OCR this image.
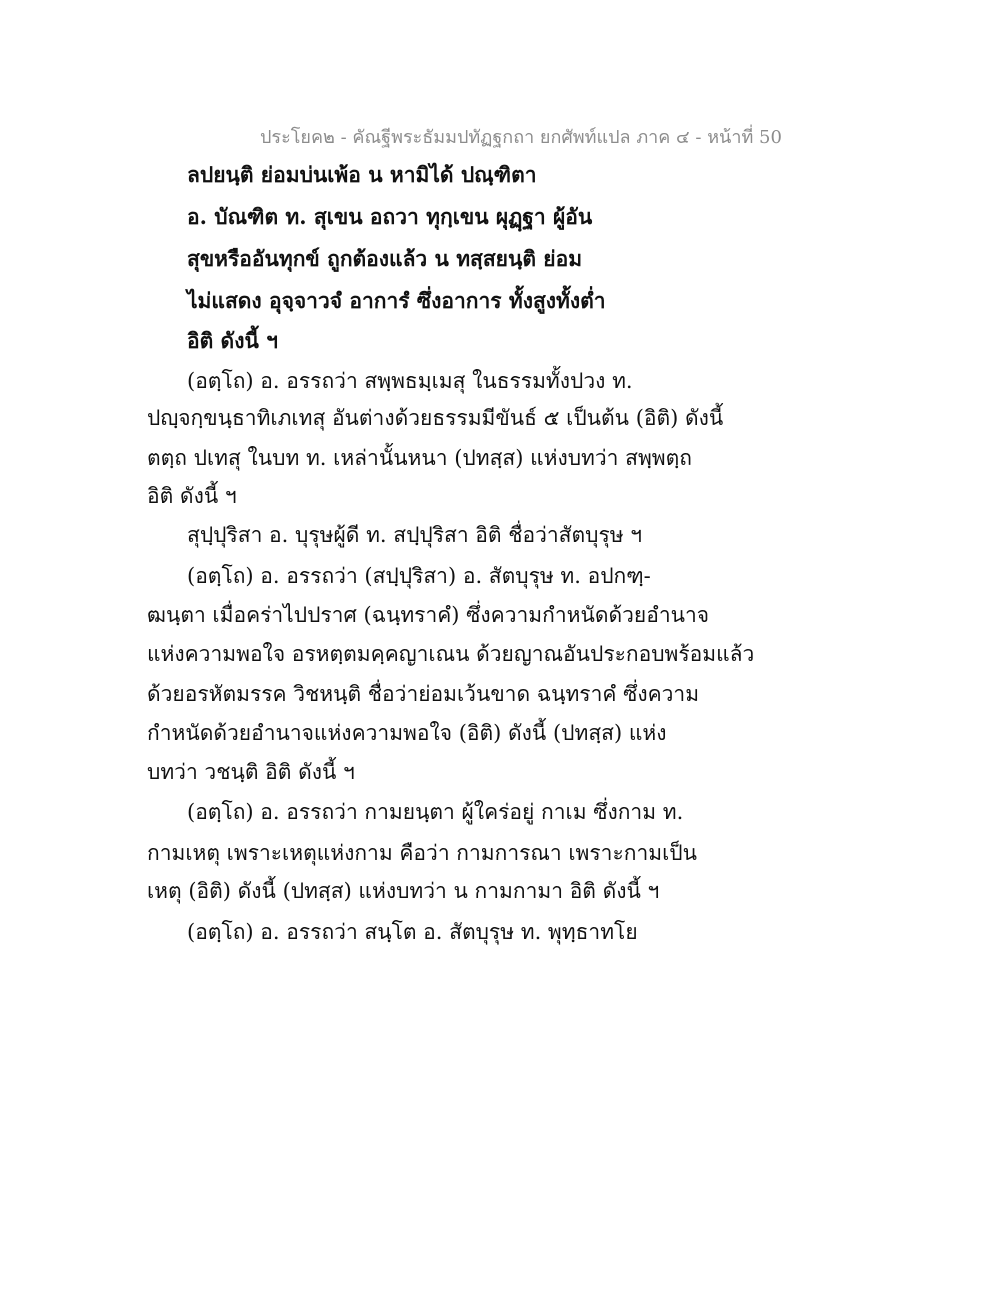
ประโยค๒ - คัณฐีพระธัมมปทัฏฐกถา ยกศัพท์แปล ภาค ๔ - หน้าที่ 50
ลปยนฺติ ย่อมบ่นเพ้อ น หามิได้ ปณฺฑิตา
อ. บัณฑิต ท. สุเขน อถวา ทุกฺเขน ผุฏฺฐา ผู้อัน
สุขหรืออันทุกข์ ถูกต้องแล้ว น ทสฺสยนฺติ ย่อม
ไม่แสดง อุจฺจาวจํ อาการํ ซึ่งอาการ ทั้งสูงทั้งต่ำ
อิติ ดังนี้ ฯ
(อตฺโถ) อ. อรรถว่า สพฺพธมฺเมสุ ในธรรมทั้งปวง ท.
ปญฺจกฺขนฺธาทิเภเทสุ อันต่างด้วยธรรมมีขันธ์ ๕ เป็นต้น (อิติ) ดังนี้
ตตฺถ ปเทสุ ในบท ท. เหล่านั้นหนา (ปทสฺส) แห่งบทว่า สพฺพตฺถ
อิติ ดังนี้ ฯ
สุปฺปุริสา อ. บุรุษผู้ดี ท. สปฺปุริสา อิติ ชื่อว่าสัตบุรุษ ฯ
(อตฺโถ) อ. อรรถว่า (สปฺปุริสา) อ. สัตบุรุษ ท. อปกฑฺ-
ฒนฺตา เมื่อคร่าไปปราศ (ฉนฺทราคํ) ซึ่งความกำหนัดด้วยอำนาจ
แห่งความพอใจ อรหตฺตมคฺคญาเณน ด้วยญาณอันประกอบพร้อมแล้ว
ด้วยอรหัตมรรค วิชหนฺติ ชื่อว่าย่อมเว้นขาด ฉนฺทราคํ ซึ่งความ
กำหนัดด้วยอำนาจแห่งความพอใจ (อิติ) ดังนี้ (ปทสฺส) แห่ง
บทว่า วชนฺติ อิติ ดังนี้ ฯ
(อตฺโถ) อ. อรรถว่า กามยนฺตา ผู้ใคร่อยู่ กาเม ซึ่งกาม ท.
กามเหตุ เพราะเหตุแห่งกาม คือว่า กามการณา เพราะกามเป็น
เหตุ (อิติ) ดังนี้ (ปทสฺส) แห่งบทว่า น กามกามา อิติ ดังนี้ ฯ
(อตฺโถ) อ. อรรถว่า สนฺโต อ. สัตบุรุษ ท. พุทฺธาทโย
